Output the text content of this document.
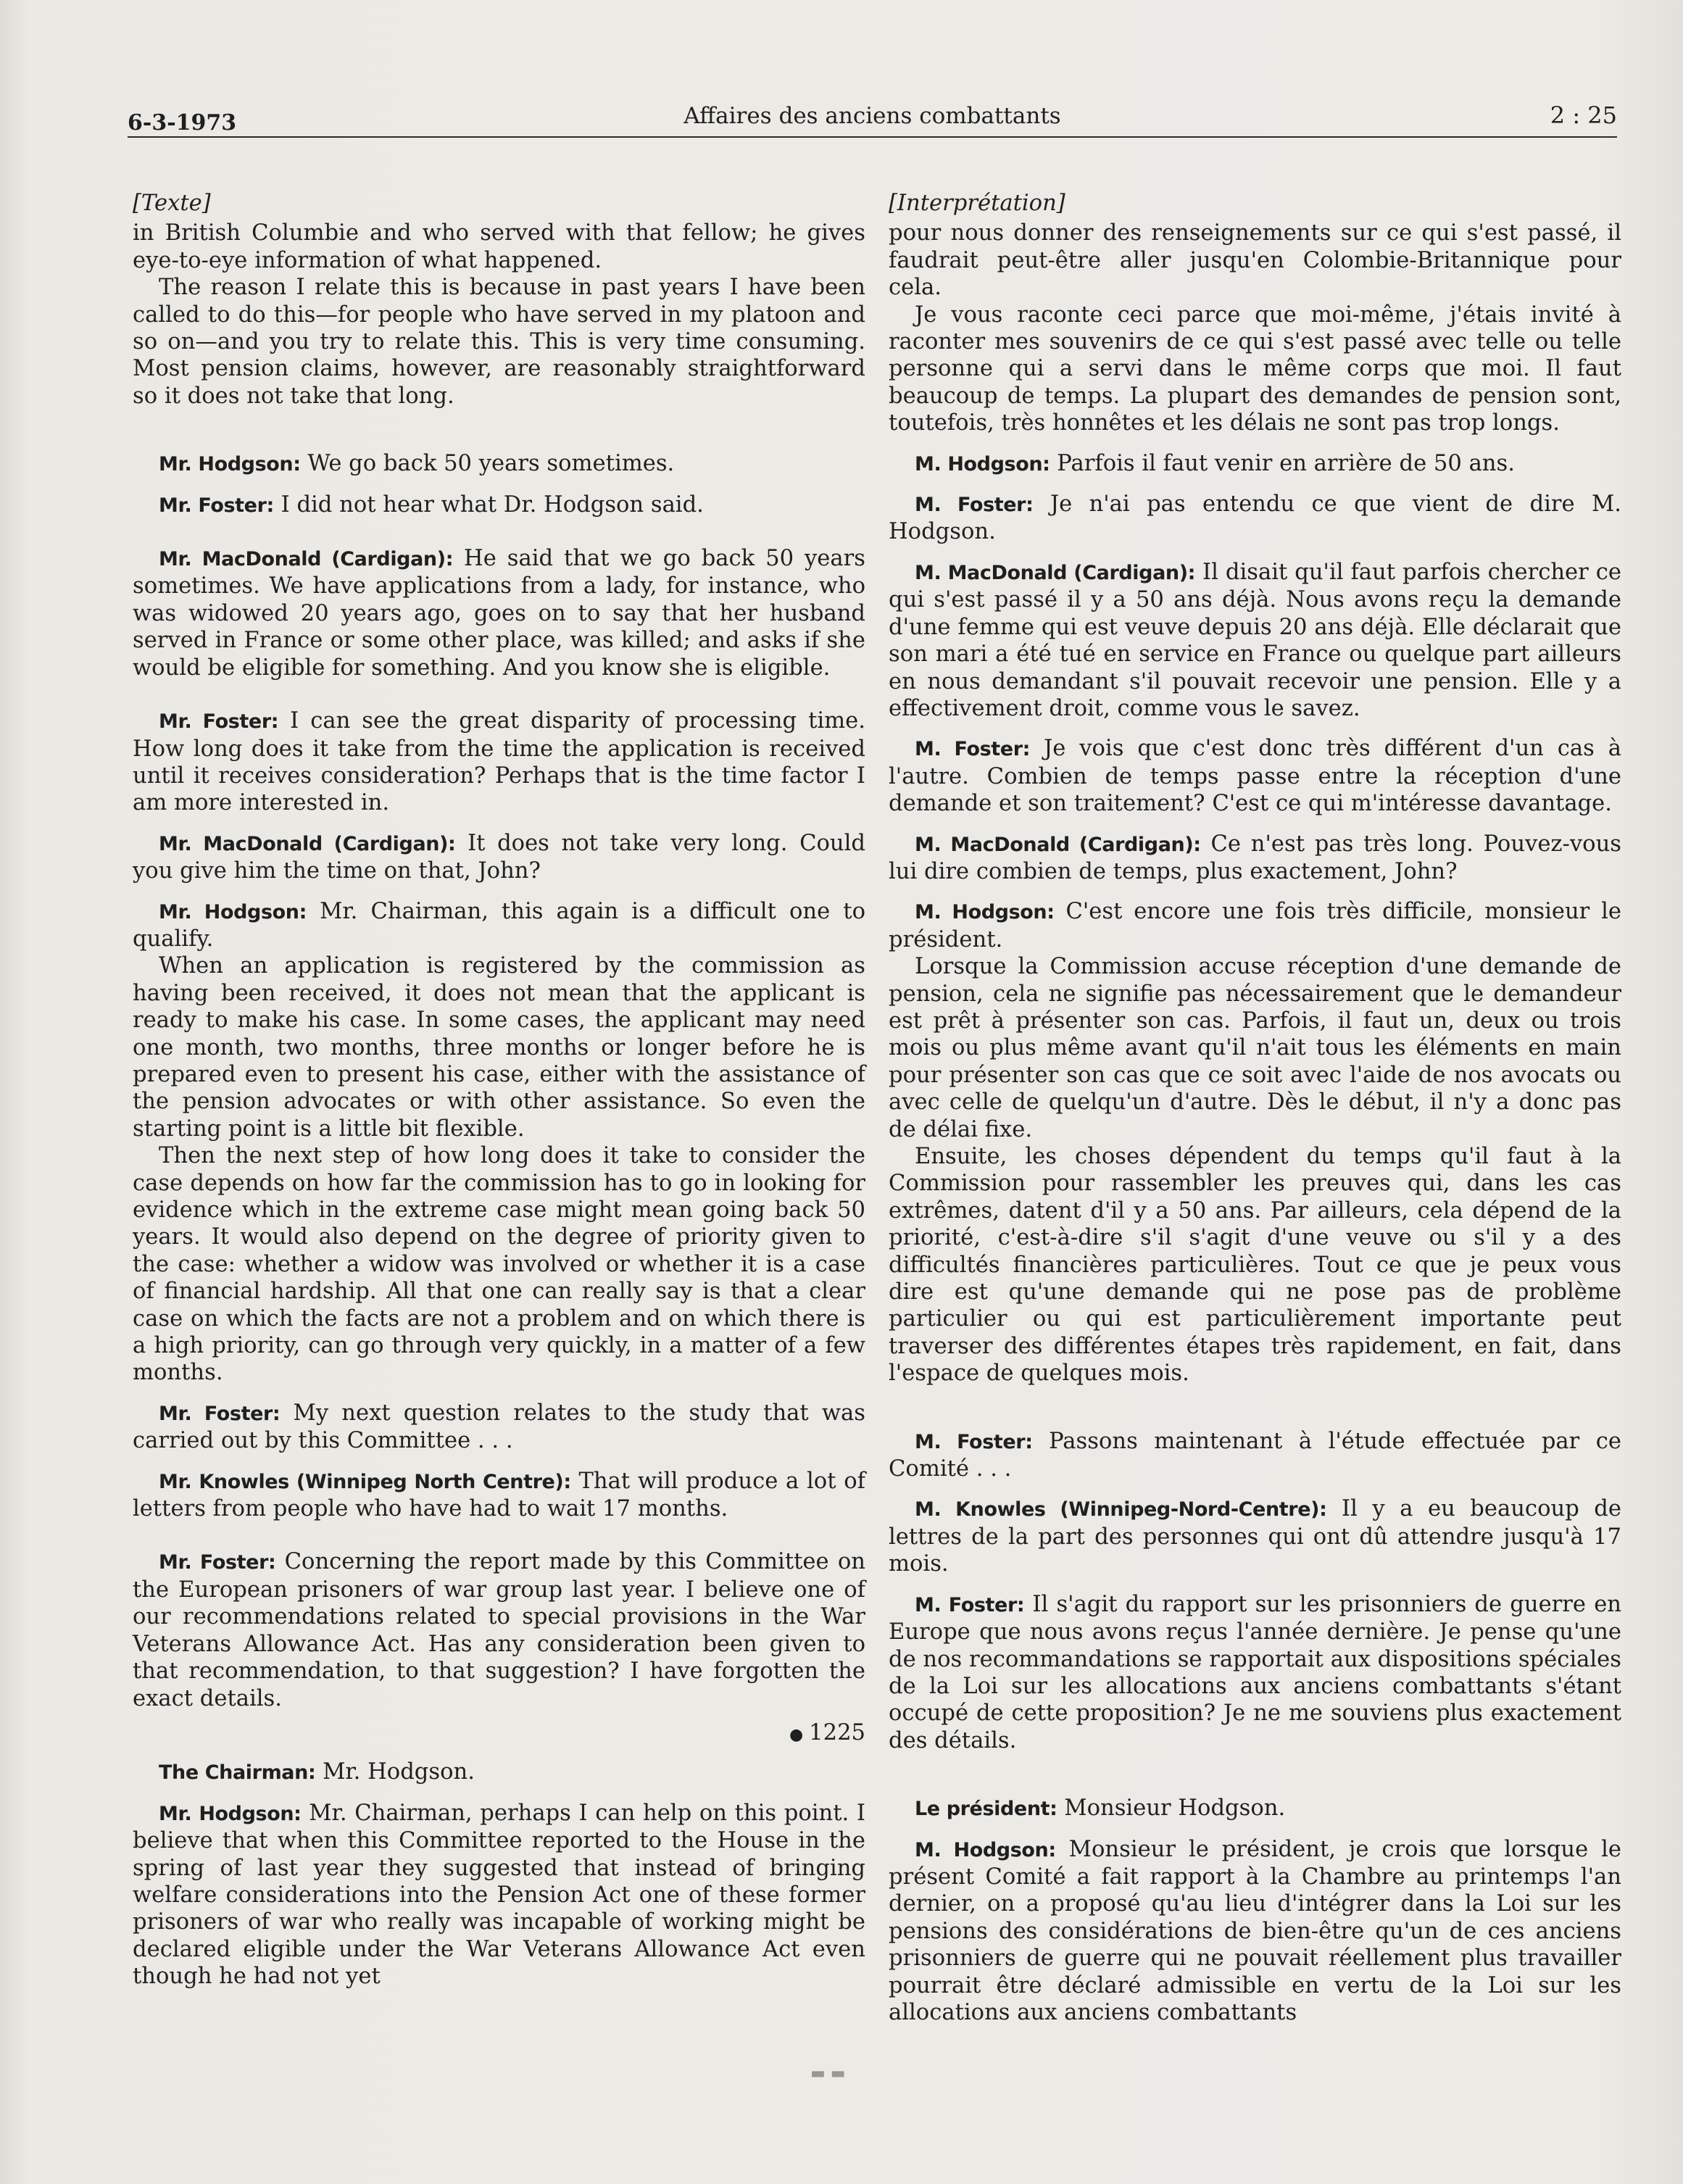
6-3-1973	Affaires des anciens combattants	2 : 25
[Texte]

in British Columbie and who served with that fellow; he gives eye-to-eye information of what happened.

The reason I relate this is because in past years I have been called to do this—for people who have served in my platoon and so on—and you try to relate this. This is very time consuming. Most pension claims, however, are reasonably straightforward so it does not take that long.

Mr. Hodgson: We go back 50 years sometimes.

Mr. Foster: I did not hear what Dr. Hodgson said.

Mr. MacDonald (Cardigan): He said that we go back 50 years sometimes. We have applications from a lady, for instance, who was widowed 20 years ago, goes on to say that her husband served in France or some other place, was killed; and asks if she would be eligible for something. And you know she is eligible.

Mr. Foster: I can see the great disparity of processing time. How long does it take from the time the application is received until it receives consideration? Perhaps that is the time factor I am more interested in.

Mr. MacDonald (Cardigan): It does not take very long. Could you give him the time on that, John?

Mr. Hodgson: Mr. Chairman, this again is a difficult one to qualify.

When an application is registered by the commission as having been received, it does not mean that the applicant is ready to make his case. In some cases, the applicant may need one month, two months, three months or longer before he is prepared even to present his case, either with the assistance of the pension advocates or with other assistance. So even the starting point is a little bit flexible.

Then the next step of how long does it take to consider the case depends on how far the commission has to go in looking for evidence which in the extreme case might mean going back 50 years. It would also depend on the degree of priority given to the case: whether a widow was involved or whether it is a case of financial hardship. All that one can really say is that a clear case on which the facts are not a problem and on which there is a high priority, can go through very quickly, in a matter of a few months.

Mr. Foster: My next question relates to the study that was carried out by this Committee . . .

Mr. Knowles (Winnipeg North Centre): That will produce a lot of letters from people who have had to wait 17 months.

Mr. Foster: Concerning the report made by this Committee on the European prisoners of war group last year. I believe one of our recommendations related to special provisions in the War Veterans Allowance Act. Has any consideration been given to that recommendation, to that suggestion? I have forgotten the exact details.

● 1225

The Chairman: Mr. Hodgson.

Mr. Hodgson: Mr. Chairman, perhaps I can help on this point. I believe that when this Committee reported to the House in the spring of last year they suggested that instead of bringing welfare considerations into the Pension Act one of these former prisoners of war who really was incapable of working might be declared eligible under the War Veterans Allowance Act even though he had not yet

[Interprétation]

pour nous donner des renseignements sur ce qui s'est passé, il faudrait peut-être aller jusqu'en Colombie-Britannique pour cela.

Je vous raconte ceci parce que moi-même, j'étais invité à raconter mes souvenirs de ce qui s'est passé avec telle ou telle personne qui a servi dans le même corps que moi. Il faut beaucoup de temps. La plupart des demandes de pension sont, toutefois, très honnêtes et les délais ne sont pas trop longs.

M. Hodgson: Parfois il faut venir en arrière de 50 ans.

M. Foster: Je n'ai pas entendu ce que vient de dire M. Hodgson.

M. MacDonald (Cardigan): Il disait qu'il faut parfois chercher ce qui s'est passé il y a 50 ans déjà. Nous avons reçu la demande d'une femme qui est veuve depuis 20 ans déjà. Elle déclarait que son mari a été tué en service en France ou quelque part ailleurs en nous demandant s'il pouvait recevoir une pension. Elle y a effectivement droit, comme vous le savez.

M. Foster: Je vois que c'est donc très différent d'un cas à l'autre. Combien de temps passe entre la réception d'une demande et son traitement? C'est ce qui m'intéresse davantage.

M. MacDonald (Cardigan): Ce n'est pas très long. Pouvez-vous lui dire combien de temps, plus exactement, John?

M. Hodgson: C'est encore une fois très difficile, monsieur le président.

Lorsque la Commission accuse réception d'une demande de pension, cela ne signifie pas nécessairement que le demandeur est prêt à présenter son cas. Parfois, il faut un, deux ou trois mois ou plus même avant qu'il n'ait tous les éléments en main pour présenter son cas que ce soit avec l'aide de nos avocats ou avec celle de quelqu'un d'autre. Dès le début, il n'y a donc pas de délai fixe.

Ensuite, les choses dépendent du temps qu'il faut à la Commission pour rassembler les preuves qui, dans les cas extrêmes, datent d'il y a 50 ans. Par ailleurs, cela dépend de la priorité, c'est-à-dire s'il s'agit d'une veuve ou s'il y a des difficultés financières particulières. Tout ce que je peux vous dire est qu'une demande qui ne pose pas de problème particulier ou qui est particulièrement importante peut traverser des différentes étapes très rapidement, en fait, dans l'espace de quelques mois.

M. Foster: Passons maintenant à l'étude effectuée par ce Comité . . .

M. Knowles (Winnipeg-Nord-Centre): Il y a eu beaucoup de lettres de la part des personnes qui ont dû attendre jusqu'à 17 mois.

M. Foster: Il s'agit du rapport sur les prisonniers de guerre en Europe que nous avons reçus l'année dernière. Je pense qu'une de nos recommandations se rapportait aux dispositions spéciales de la Loi sur les allocations aux anciens combattants s'étant occupé de cette proposition? Je ne me souviens plus exactement des détails.

Le président: Monsieur Hodgson.

M. Hodgson: Monsieur le président, je crois que lorsque le présent Comité a fait rapport à la Chambre au printemps l'an dernier, on a proposé qu'au lieu d'intégrer dans la Loi sur les pensions des considérations de bien-être qu'un de ces anciens prisonniers de guerre qui ne pouvait réellement plus travailler pourrait être déclaré admissible en vertu de la Loi sur les allocations aux anciens combattants

▬ ▬
